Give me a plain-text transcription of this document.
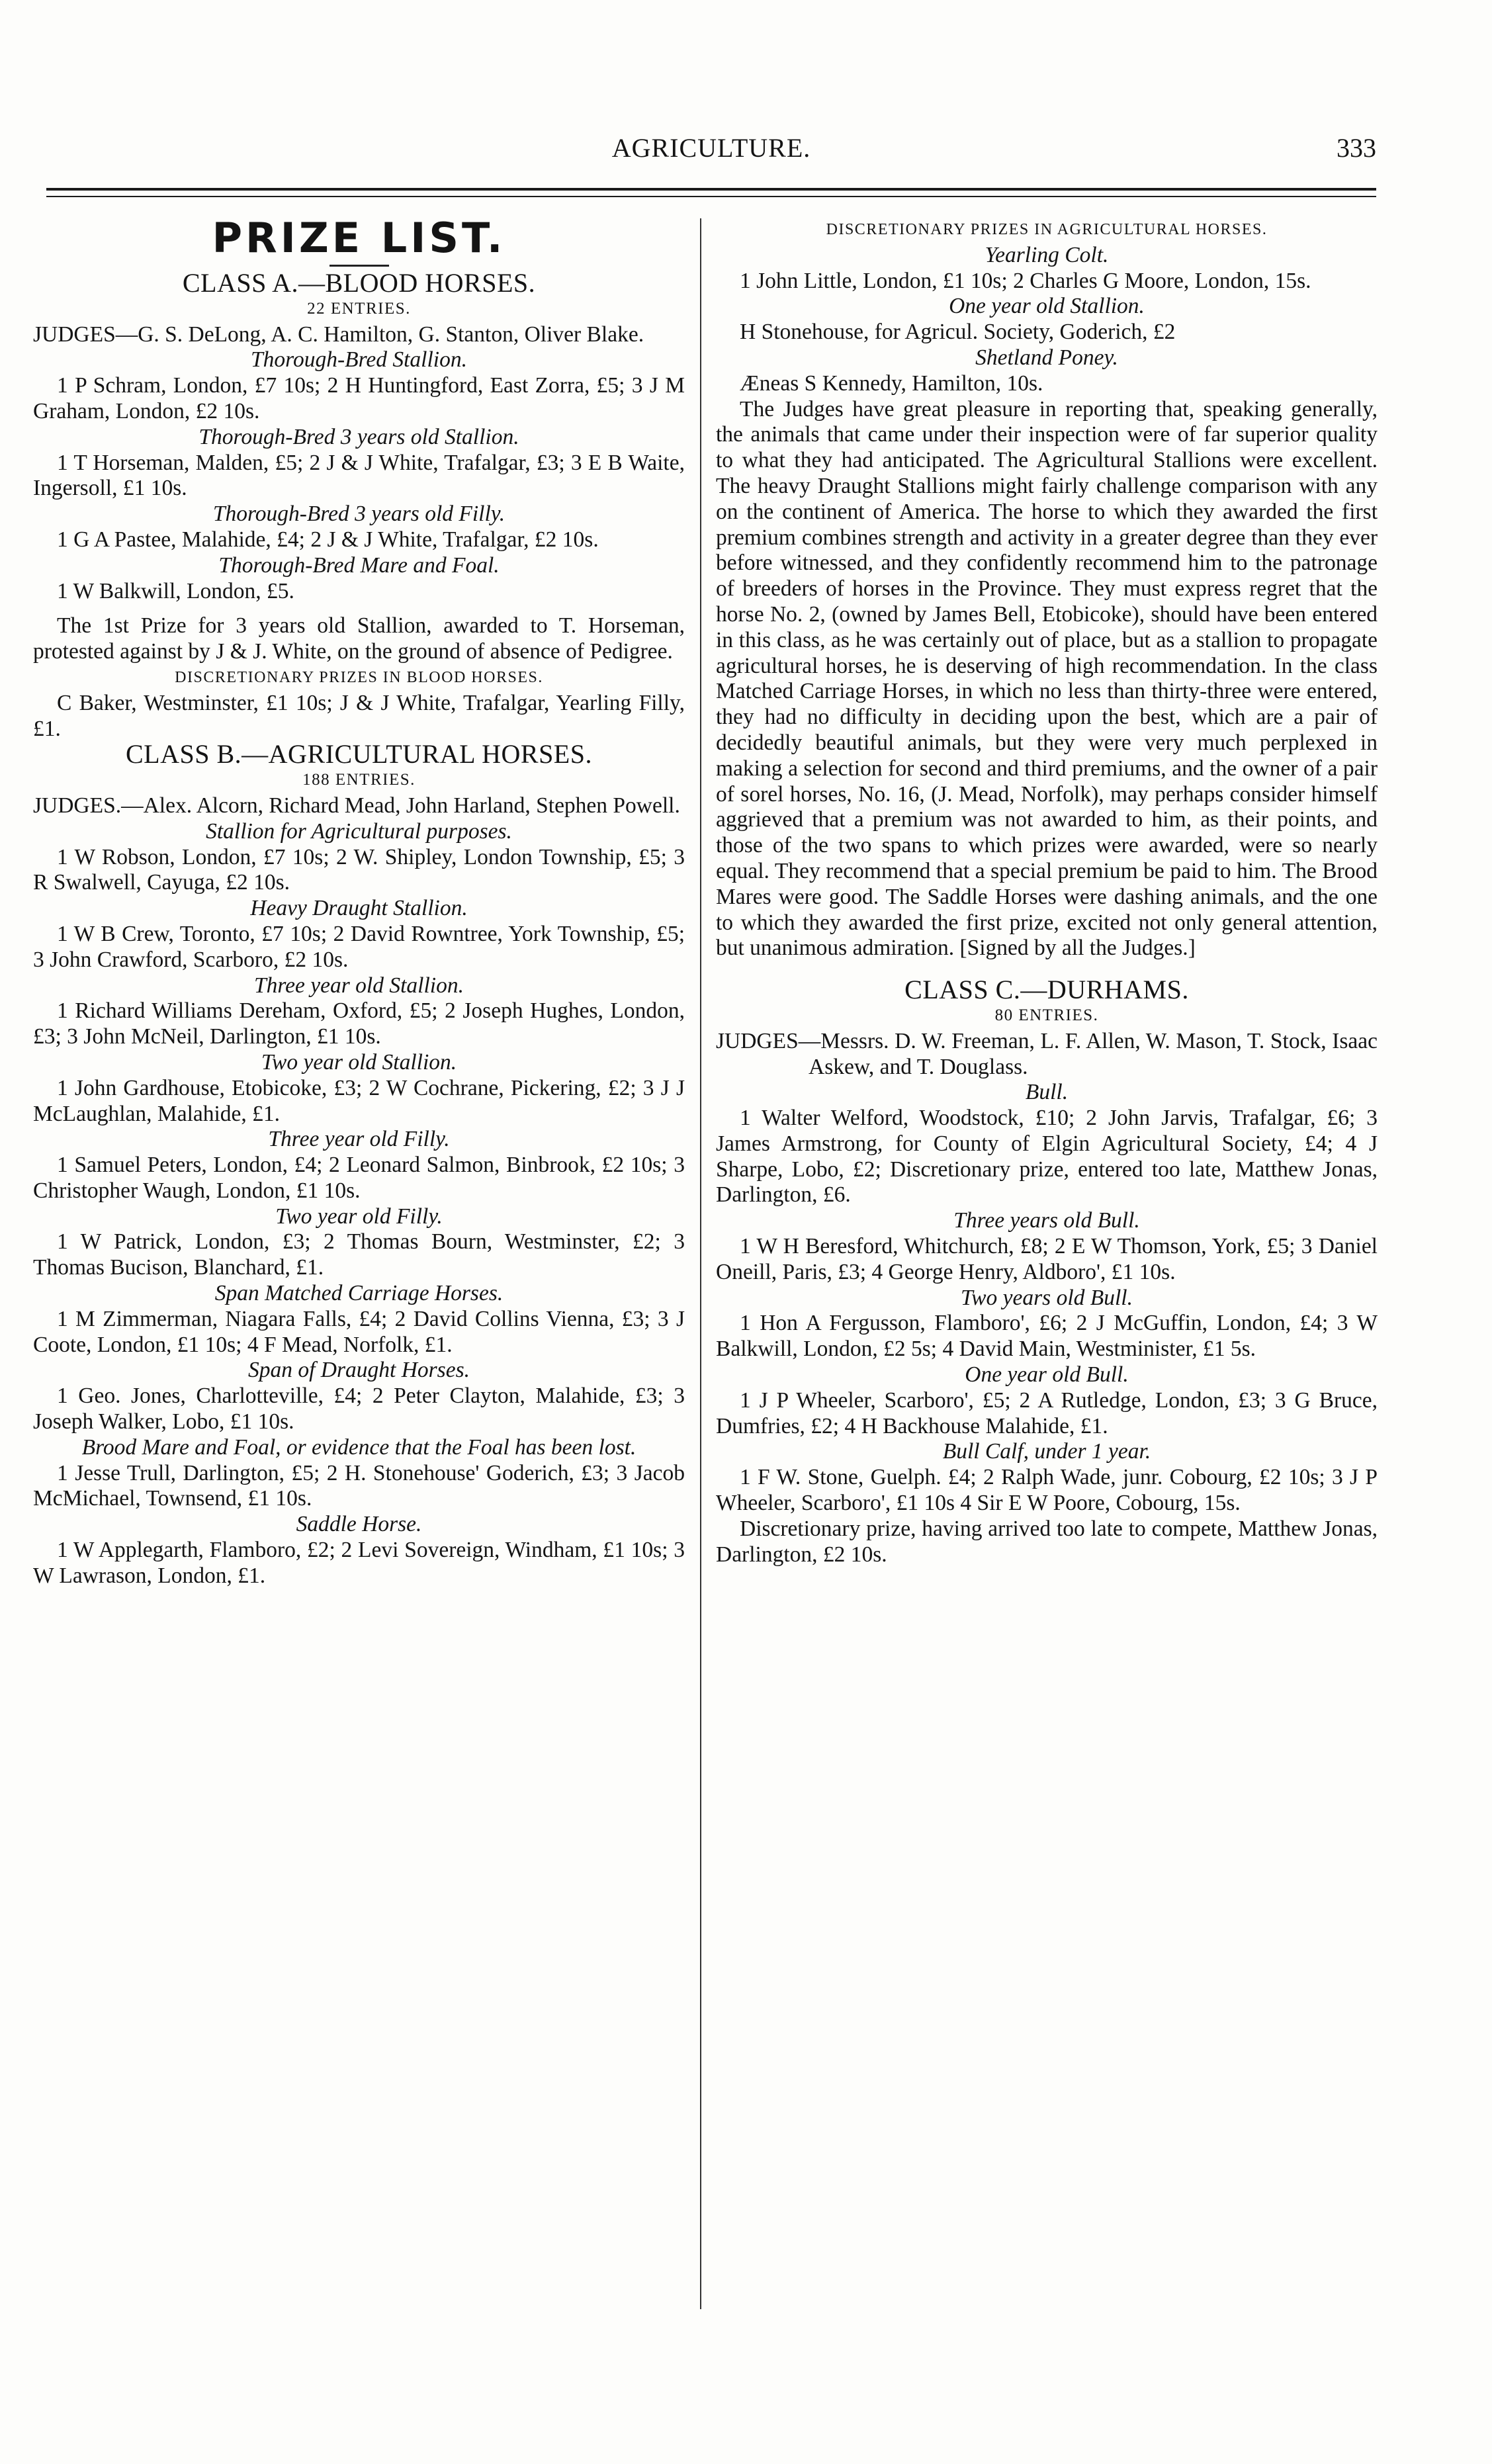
AGRICULTURE.	333

PRIZE LIST.

CLASS A.—BLOOD HORSES.

22 ENTRIES.

JUDGES—G. S. DeLong, A. C. Hamilton, G. Stanton, Oliver Blake.

Thorough-Bred Stallion.

1 P Schram, London, £7 10s; 2 H Huntingford, East Zorra, £5; 3 J M Graham, London, £2 10s.

Thorough-Bred 3 years old Stallion.

1 T Horseman, Malden, £5; 2 J & J White, Trafalgar, £3; 3 E B Waite, Ingersoll, £1 10s.

Thorough-Bred 3 years old Filly.

1 G A Pastee, Malahide, £4; 2 J & J White, Trafalgar, £2 10s.

Thorough-Bred Mare and Foal.

1 W Balkwill, London, £5.

The 1st Prize for 3 years old Stallion, awarded to T. Horseman, protested against by J & J. White, on the ground of absence of Pedigree.

DISCRETIONARY PRIZES IN BLOOD HORSES.

C Baker, Westminster, £1 10s; J & J White, Trafalgar, Yearling Filly, £1.

CLASS B.—AGRICULTURAL HORSES.

188 ENTRIES.

JUDGES.—Alex. Alcorn, Richard Mead, John Harland, Stephen Powell.

Stallion for Agricultural purposes.

1 W Robson, London, £7 10s; 2 W. Shipley, London Township, £5; 3 R Swalwell, Cayuga, £2 10s.

Heavy Draught Stallion.

1 W B Crew, Toronto, £7 10s; 2 David Rowntree, York Township, £5; 3 John Crawford, Scarboro, £2 10s.

Three year old Stallion.

1 Richard Williams Dereham, Oxford, £5; 2 Joseph Hughes, London, £3; 3 John McNeil, Darlington, £1 10s.

Two year old Stallion.

1 John Gardhouse, Etobicoke, £3; 2 W Cochrane, Pickering, £2; 3 J J McLaughlan, Malahide, £1.

Three year old Filly.

1 Samuel Peters, London, £4; 2 Leonard Salmon, Binbrook, £2 10s; 3 Christopher Waugh, London, £1 10s.

Two year old Filly.

1 W Patrick, London, £3; 2 Thomas Bourn, Westminster, £2; 3 Thomas Bucison, Blanchard, £1.

Span Matched Carriage Horses.

1 M Zimmerman, Niagara Falls, £4; 2 David Collins Vienna, £3; 3 J Coote, London, £1 10s; 4 F Mead, Norfolk, £1.

Span of Draught Horses.

1 Geo. Jones, Charlotteville, £4; 2 Peter Clayton, Malahide, £3; 3 Joseph Walker, Lobo, £1 10s.

Brood Mare and Foal, or evidence that the Foal has been lost.

1 Jesse Trull, Darlington, £5; 2 H. Stonehouse' Goderich, £3; 3 Jacob McMichael, Townsend, £1 10s.

Saddle Horse.

1 W Applegarth, Flamboro, £2; 2 Levi Sovereign, Windham, £1 10s; 3 W Lawrason, London, £1.

DISCRETIONARY PRIZES IN AGRICULTURAL HORSES.

Yearling Colt.

1 John Little, London, £1 10s; 2 Charles G Moore, London, 15s.

One year old Stallion.

H Stonehouse, for Agricul. Society, Goderich, £2

Shetland Poney.

Æneas S Kennedy, Hamilton, 10s.

The Judges have great pleasure in reporting that, speaking generally, the animals that came under their inspection were of far superior quality to what they had anticipated. The Agricultural Stallions were excellent. The heavy Draught Stallions might fairly challenge comparison with any on the continent of America. The horse to which they awarded the first premium combines strength and activity in a greater degree than they ever before witnessed, and they confidently recommend him to the patronage of breeders of horses in the Province. They must express regret that the horse No. 2, (owned by James Bell, Etobicoke), should have been entered in this class, as he was certainly out of place, but as a stallion to propagate agricultural horses, he is deserving of high recommendation. In the class Matched Carriage Horses, in which no less than thirty-three were entered, they had no difficulty in deciding upon the best, which are a pair of decidedly beautiful animals, but they were very much perplexed in making a selection for second and third premiums, and the owner of a pair of sorel horses, No. 16, (J. Mead, Norfolk), may perhaps consider himself aggrieved that a premium was not awarded to him, as their points, and those of the two spans to which prizes were awarded, were so nearly equal. They recommend that a special premium be paid to him. The Brood Mares were good. The Saddle Horses were dashing animals, and the one to which they awarded the first prize, excited not only general attention, but unanimous admiration. [Signed by all the Judges.]

CLASS C.—DURHAMS.

80 ENTRIES.

JUDGES—Messrs. D. W. Freeman, L. F. Allen, W. Mason, T. Stock, Isaac Askew, and T. Douglass.

Bull.

1 Walter Welford, Woodstock, £10; 2 John Jarvis, Trafalgar, £6; 3 James Armstrong, for County of Elgin Agricultural Society, £4; 4 J Sharpe, Lobo, £2; Discretionary prize, entered too late, Matthew Jonas, Darlington, £6.

Three years old Bull.

1 W H Beresford, Whitchurch, £8; 2 E W Thomson, York, £5; 3 Daniel Oneill, Paris, £3; 4 George Henry, Aldboro', £1 10s.

Two years old Bull.

1 Hon A Fergusson, Flamboro', £6; 2 J McGuffin, London, £4; 3 W Balkwill, London, £2 5s; 4 David Main, Westminister, £1 5s.

One year old Bull.

1 J P Wheeler, Scarboro', £5; 2 A Rutledge, London, £3; 3 G Bruce, Dumfries, £2; 4 H Backhouse Malahide, £1.

Bull Calf, under 1 year.

1 F W. Stone, Guelph. £4; 2 Ralph Wade, junr. Cobourg, £2 10s; 3 J P Wheeler, Scarboro', £1 10s 4 Sir E W Poore, Cobourg, 15s.

Discretionary prize, having arrived too late to compete, Matthew Jonas, Darlington, £2 10s.
